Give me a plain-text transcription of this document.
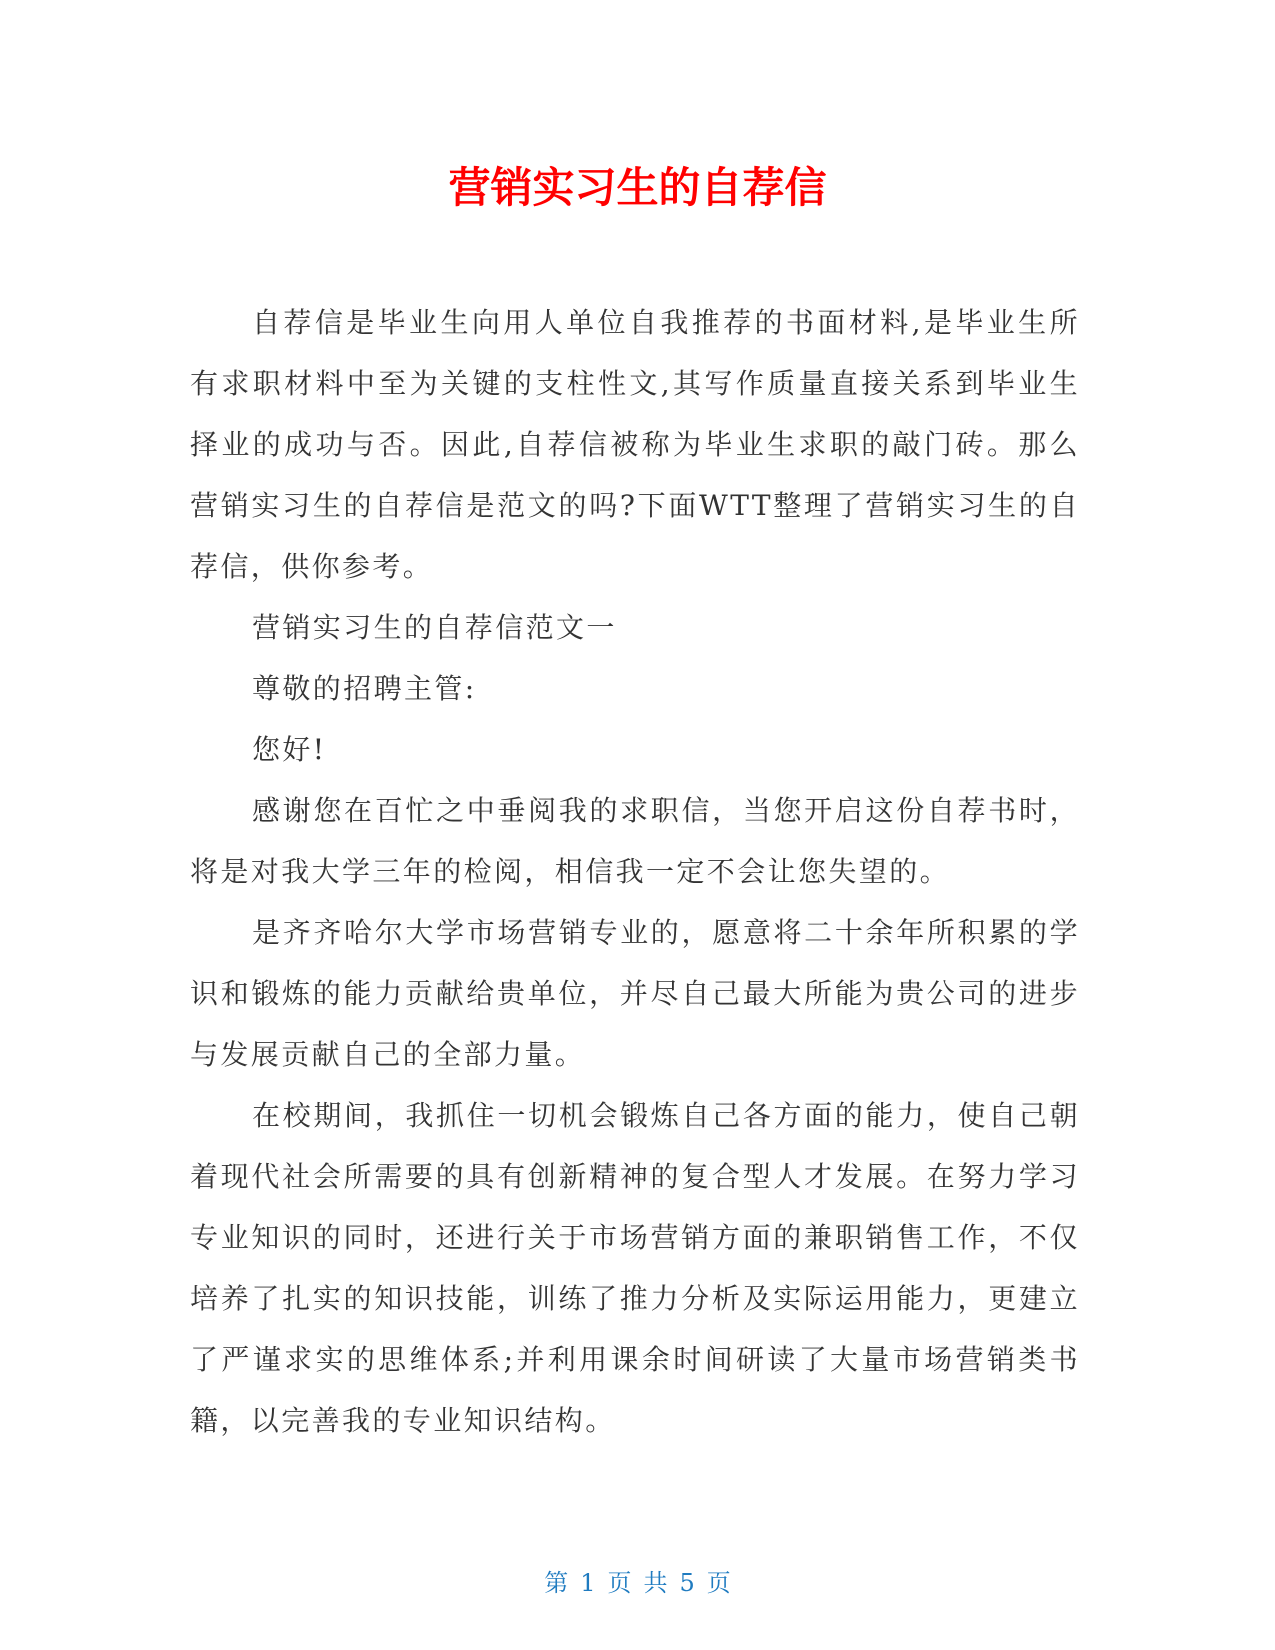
营销实习生的自荐信

自荐信是毕业生向用人单位自我推荐的书面材料,是毕业生所有求职材料中至为关键的支柱性文,其写作质量直接关系到毕业生择业的成功与否。因此,自荐信被称为毕业生求职的敲门砖。那么营销实习生的自荐信是范文的吗?下面WTT整理了营销实习生的自荐信，供你参考。

营销实习生的自荐信范文一

尊敬的招聘主管:

您好!

感谢您在百忙之中垂阅我的求职信，当您开启这份自荐书时，将是对我大学三年的检阅，相信我一定不会让您失望的。

是齐齐哈尔大学市场营销专业的，愿意将二十余年所积累的学识和锻炼的能力贡献给贵单位，并尽自己最大所能为贵公司的进步与发展贡献自己的全部力量。

在校期间，我抓住一切机会锻炼自己各方面的能力，使自己朝着现代社会所需要的具有创新精神的复合型人才发展。在努力学习专业知识的同时，还进行关于市场营销方面的兼职销售工作，不仅培养了扎实的知识技能，训练了推力分析及实际运用能力，更建立了严谨求实的思维体系;并利用课余时间研读了大量市场营销类书籍，以完善我的专业知识结构。

第 1 页 共 5 页
